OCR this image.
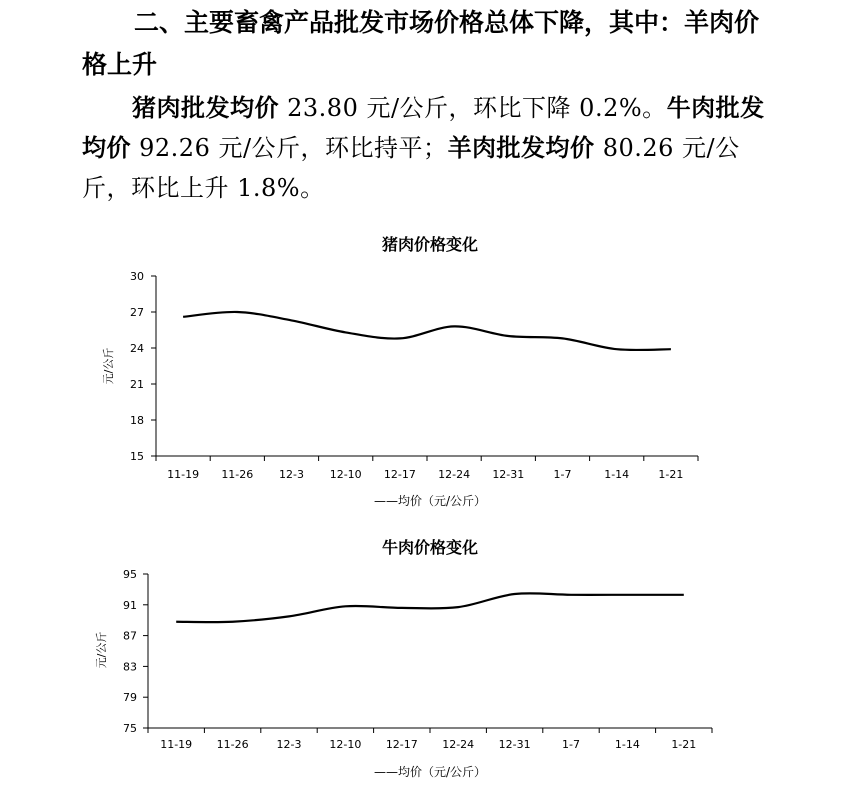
二、主要畜禽产品批发市场价格总体下降，其中：羊肉价格上升

猪肉批发均价 23.80 元/公斤，环比下降 0.2%。牛肉批发均价 92.26 元/公斤，环比持平；羊肉批发均价 80.26 元/公斤，环比上升 1.8%。

猪肉价格变化
15
18
21
24
27
30
11-19 11-26 12-3 12-10 12-17 12-24 12-31	1-7	1-14	1-21
元/公斤
——均价（元/公斤）
牛肉价格变化
75
79
83
87
91
95
11-19 11-26	12-3	12-10 12-17 12-24 12-31	1-7	1-14	1-21
元/公斤
——均价（元/公斤）
